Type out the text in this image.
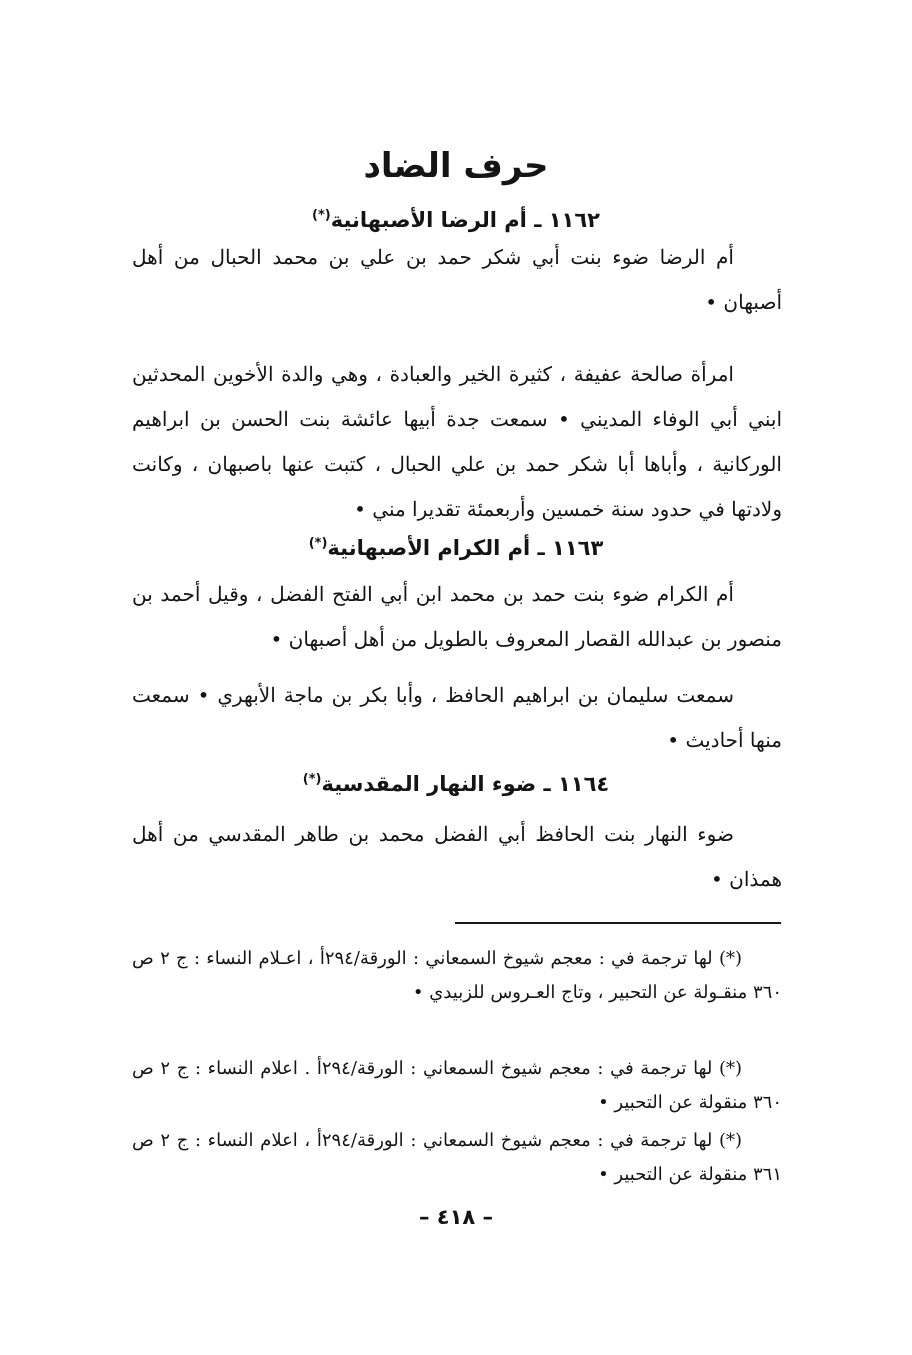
حرف الضاد
١١٦٢ ـ أم الرضا الأصبهانية(*)

أم الرضا ضوء بنت أبي شكر حمد بن علي بن محمد الحبال من أهل أصبهان •

امرأة صالحة عفيفة ، كثيرة الخير والعبادة ، وهي والدة الأخوين المحدثين ابني أبي الوفاء المديني • سمعت جدة أبيها عائشة بنت الحسن بن ابراهيم الوركانية ، وأباها أبا شكر حمد بن علي الحبال ، كتبت عنها باصبهان ، وكانت ولادتها في حدود سنة خمسين وأربعمئة تقديرا مني •

١١٦٣ ـ أم الكرام الأصبهانية(*)

أم الكرام ضوء بنت حمد بن محمد ابن أبي الفتح الفضل ، وقيل أحمد بن منصور بن عبدالله القصار المعروف بالطويل من أهل أصبهان •

سمعت سليمان بن ابراهيم الحافظ ، وأبا بكر بن ماجة الأبهري • سمعت منها أحاديث •

١١٦٤ ـ ضوء النهار المقدسية(*)

ضوء النهار بنت الحافظ أبي الفضل محمد بن طاهر المقدسي من أهل همذان •

(*) لها ترجمة في : معجم شيوخ السمعاني : الورقة/٢٩٤أ ، اعـلام النساء : ج ٢ ص ٣٦٠ منقـولة عن التحبير ، وتاج العـروس للزبيدي •

(*) لها ترجمة في : معجم شيوخ السمعاني : الورقة/٢٩٤أ . اعلام النساء : ج ٢ ص ٣٦٠ منقولة عن التحبير •

(*) لها ترجمة في : معجم شيوخ السمعاني : الورقة/٢٩٤أ ، اعلام النساء : ج ٢ ص ٣٦١ منقولة عن التحبير •

– ٤١٨ –
